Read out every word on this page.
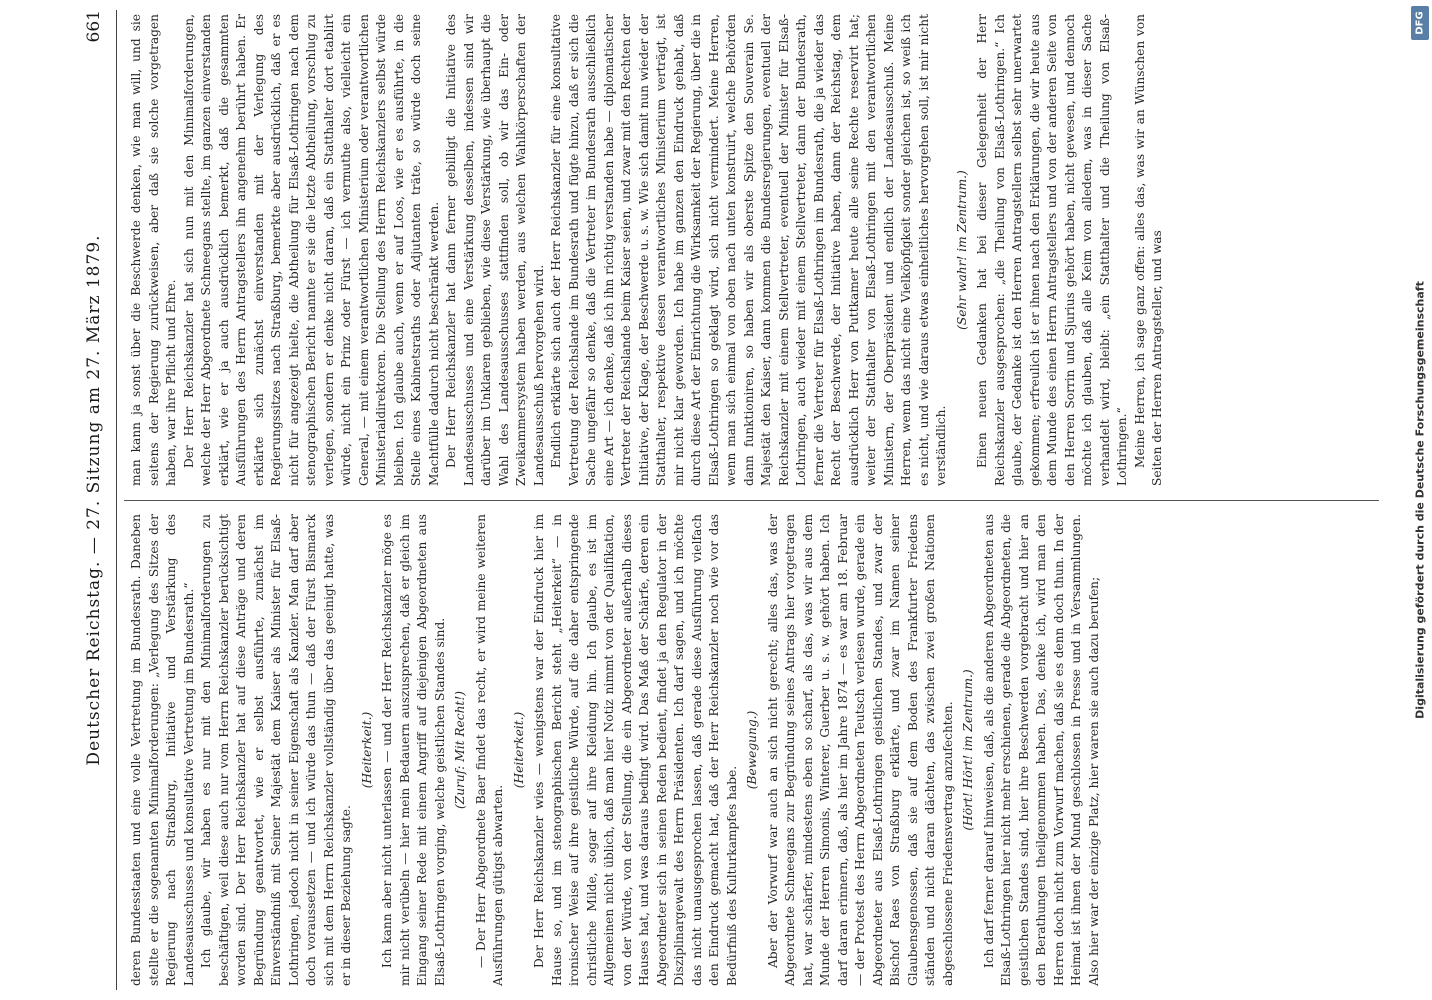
Deutscher Reichstag. — 27. Sitzung am 27. März 1879.
661

deren Bundesstaaten und eine volle Vertretung im Bundesrath. Daneben stellte er die sogenannten Minimalforderungen: „Verlegung des Sitzes der Regierung nach Straßburg, Initiative und Verstärkung des Landesausschusses und konsultative Vertretung im Bundesrath.“ Ich glaube, wir haben es nur mit den Minimalforderungen zu beschäftigen, weil diese auch nur vom Herrn Reichskanzler berücksichtigt worden sind. Der Herr Reichskanzler hat auf diese Anträge und deren Begründung geantwortet, wie er selbst ausführte, zunächst im Einverständniß mit Seiner Majestät dem Kaiser als Minister für Elsaß-Lothringen, jedoch nicht in seiner Eigenschaft als Kanzler. Man darf aber doch voraussetzen — und ich würde das thun — daß der Fürst Bismarck sich mit dem Herrn Reichskanzler vollständig über das geeinigt hatte, was er in dieser Beziehung sagte.

(Heiterkeit.) Ich kann aber nicht unterlassen — und der Herr Reichskanzler möge es mir nicht verübeln — hier mein Bedauern auszusprechen, daß er gleich im Eingang seiner Rede mit einem Angriff auf diejenigen Abgeordneten aus Elsaß-Lothringen vorging, welche geistlichen Standes sind. (Zuruf: Mit Recht!) — Der Herr Abgeordnete Baer findet das recht, er wird meine weiteren Ausführungen gütigst abwarten.

(Heiterkeit.) Der Herr Reichskanzler wies — wenigstens war der Eindruck hier im Hause so, und im stenographischen Bericht steht „Heiterkeit“ — in ironischer Weise auf ihre geistliche Würde, auf die daher entspringende christliche Milde, sogar auf ihre Kleidung hin. Ich glaube, es ist im Allgemeinen nicht üblich, daß man hier Notiz nimmt von der Qualifikation, von der Würde, von der Stellung, die ein Abgeordneter außerhalb dieses Hauses hat, und was daraus bedingt wird. Das Maß der Schärfe, deren ein Abgeordneter sich in seinen Reden bedient, findet ja den Regulator in der Disziplinargewalt des Herrn Präsidenten. Ich darf sagen, und ich möchte das nicht unausgesprochen lassen, daß gerade diese Ausführung vielfach den Eindruck gemacht hat, daß der Herr Reichskanzler noch wie vor das Bedürfniß des Kulturkampfes habe.

(Bewegung.) Aber der Vorwurf war auch an sich nicht gerecht; alles das, was der Abgeordnete Schneegans zur Begründung seines Antrags hier vorgetragen hat, war schärfer, mindestens eben so scharf, als das, was wir aus dem Munde der Herren Simonis, Winterer, Guerber u. s. w. gehört haben. Ich darf daran erinnern, daß, als hier im Jahre 1874 — es war am 18. Februar — der Protest des Herrn Abgeordneten Teutsch verlesen wurde, gerade ein Abgeordneter aus Elsaß-Lothringen geistlichen Standes, und zwar der Bischof Raes von Straßburg erklärte, und zwar im Namen seiner Glaubensgenossen, daß sie auf dem Boden des Frankfurter Friedens ständen und nicht daran dächten, das zwischen zwei großen Nationen abgeschlossene Friedensvertrag anzufechten. (Hört! Hört! im Zentrum.) Ich darf ferner darauf hinweisen, daß, als die anderen Abgeordneten aus Elsaß-Lothringen hier nicht mehr erschienen, gerade die Abgeordneten, die geistlichen Standes sind, hier ihre Beschwerden vorgebracht und hier an den Berathungen theilgenommen haben. Das, denke ich, wird man den Herren doch nicht zum Vorwurf machen, daß sie es denn doch thun. In der Heimat ist ihnen der Mund geschlossen in Presse und in Versammlungen. Also hier war der einzige Platz, hier waren sie auch dazu berufen;

man kann ja sonst über die Beschwerde denken, wie man will, und sie seitens der Regierung zurückweisen, aber daß sie solche vorgetragen haben, war ihre Pflicht und Ehre. Der Herr Reichskanzler hat sich nun mit den Minimalforderungen, welche der Herr Abgeordnete Schneegans stellte, im ganzen einverstanden erklärt, wie er ja auch ausdrücklich bemerkt, daß die gesammten Ausführungen des Herrn Antragstellers ihn angenehm berührt haben. Er erklärte sich zunächst einverstanden mit der Verlegung des Regierungssitzes nach Straßburg, bemerkte aber ausdrücklich, daß er es nicht für angezeigt hielte, die Abtheilung für Elsaß-Lothringen nach dem stenographischen Bericht nannte er sie die letzte Abtheilung, vorschlug zu verlegen, sondern er denke nicht daran, daß ein Statthalter dort etablirt würde, nicht ein Prinz oder Fürst — ich vermuthe also, vielleicht ein General, — mit einem verantwortlichen Ministerium oder verantwortlichen Ministerialdirektoren. Die Stellung des Herrn Reichskanzlers selbst würde bleiben. Ich glaube auch, wenn er auf Loos, wie er es ausführte, in die Stelle eines Kabinetsraths oder Adjutanten träte, so würde doch seine Machtfülle dadurch nicht beschränkt werden. Der Herr Reichskanzler hat dann ferner gebilligt die Initiative des Landesausschusses und eine Verstärkung desselben, indessen sind wir darüber im Unklaren geblieben, wie diese Verstärkung, wie überhaupt die Wahl des Landesausschusses stattfinden soll, ob wir das Ein- oder Zweikammersystem haben werden, aus welchen Wahlkörperschaften der Landesausschuß hervorgehen wird. Endlich erklärte sich auch der Herr Reichskanzler für eine konsultative Vertretung der Reichslande im Bundesrath und fügte hinzu, daß er sich die Sache ungefähr so denke, daß die Vertreter im Bundesrath ausschließlich eine Art — ich denke, daß ich ihn richtig verstanden habe — diplomatischer Vertreter der Reichslande beim Kaiser seien, und zwar mit den Rechten der Initiative, der Klage, der Beschwerde u. s. w. Wie sich damit nun wieder der Statthalter, respektive dessen verantwortliches Ministerium verträgt, ist mir nicht klar geworden. Ich habe im ganzen den Eindruck gehabt, daß durch diese Art der Einrichtung die Wirksamkeit der Regierung, über die in Elsaß-Lothringen so geklagt wird, sich nicht vermindert. Meine Herren, wenn man sich einmal von oben nach unten konstruirt, welche Behörden dann funktioniren, so haben wir als oberste Spitze den Souverain Se. Majestät den Kaiser, dann kommen die Bundesregierungen, eventuell der Reichskanzler mit einem Stellvertreter, eventuell der Minister für Elsaß-Lothringen, auch wieder mit einem Stellvertreter, dann der Bundesrath, ferner die Vertreter für Elsaß-Lothringen im Bundesrath, die ja wieder das Recht der Beschwerde, der Initiative haben, dann der Reichstag, dem ausdrücklich Herr von Puttkamer heute alle seine Rechte reservirt hat; weiter der Statthalter von Elsaß-Lothringen mit den verantwortlichen Ministern, der Oberpräsident und endlich der Landesausschuß. Meine Herren, wenn das nicht eine Vielköpfigkeit sonder gleichen ist, so weiß ich es nicht, und wie daraus etwas einheitliches hervorgehen soll, ist mir nicht verständlich.

(Sehr wahr! im Zentrum.) Einen neuen Gedanken hat bei dieser Gelegenheit der Herr Reichskanzler ausgesprochen: „die Theilung von Elsaß-Lothringen.“ Ich glaube, der Gedanke ist den Herren Antragstellern selbst sehr unerwartet gekommen; erfreulich ist er ihnen nach den Erklärungen, die wir heute aus dem Munde des einen Herrn Antragstellers und von der anderen Seite von den Herren Sorrin und Sjurius gehört haben, nicht gewesen, und dennoch möchte ich glauben, daß alle Keim von alledem, was in dieser Sache verhandelt wird, bleibt: „ein Statthalter und die Theilung von Elsaß-Lothringen.“ Meine Herren, ich sage ganz offen: alles das, was wir an Wünschen von Seiten der Herren Antragsteller, und was	Digitalisierung gefördert durch die Deutsche Forschungsgemeinschaft
DFG
